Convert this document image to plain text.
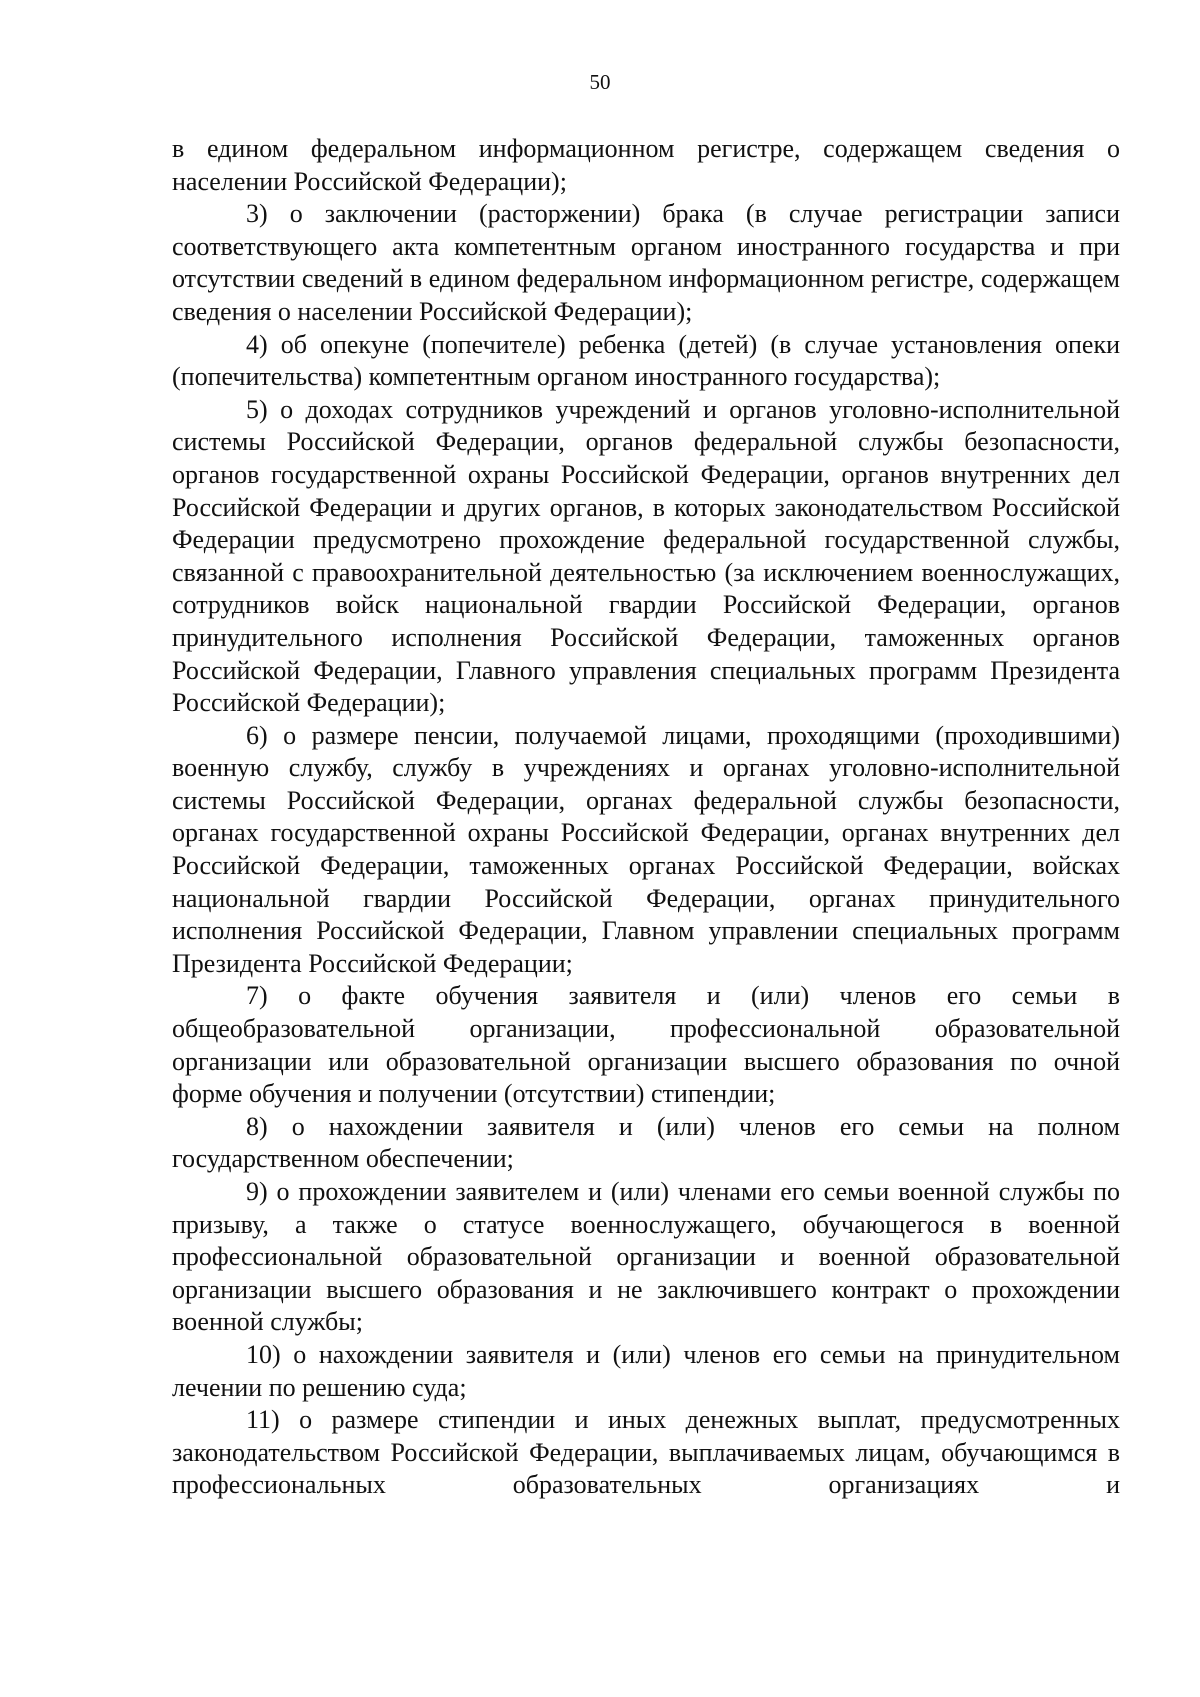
50

в едином федеральном информационном регистре, содержащем сведения о населении Российской Федерации);

3) о заключении (расторжении) брака (в случае регистрации записи соответствующего акта компетентным органом иностранного государства и при отсутствии сведений в едином федеральном информационном регистре, содержащем сведения о населении Российской Федерации);

4) об опекуне (попечителе) ребенка (детей) (в случае установления опеки (попечительства) компетентным органом иностранного государства);

5) о доходах сотрудников учреждений и органов уголовно-исполнительной системы Российской Федерации, органов федеральной службы безопасности, органов государственной охраны Российской Федерации, органов внутренних дел Российской Федерации и других органов, в которых законодательством Российской Федерации предусмотрено прохождение федеральной государственной службы, связанной с правоохранительной деятельностью (за исключением военнослужащих, сотрудников войск национальной гвардии Российской Федерации, органов принудительного исполнения Российской Федерации, таможенных органов Российской Федерации, Главного управления специальных программ Президента Российской Федерации);

6) о размере пенсии, получаемой лицами, проходящими (проходившими) военную службу, службу в учреждениях и органах уголовно-исполнительной системы Российской Федерации, органах федеральной службы безопасности, органах государственной охраны Российской Федерации, органах внутренних дел Российской Федерации, таможенных органах Российской Федерации, войсках национальной гвардии Российской Федерации, органах принудительного исполнения Российской Федерации, Главном управлении специальных программ Президента Российской Федерации;

7) о факте обучения заявителя и (или) членов его семьи в общеобразовательной организации, профессиональной образовательной организации или образовательной организации высшего образования по очной форме обучения и получении (отсутствии) стипендии;

8) о нахождении заявителя и (или) членов его семьи на полном государственном обеспечении;

9) о прохождении заявителем и (или) членами его семьи военной службы по призыву, а также о статусе военнослужащего, обучающегося в военной профессиональной образовательной организации и военной образовательной организации высшего образования и не заключившего контракт о прохождении военной службы;

10) о нахождении заявителя и (или) членов его семьи на принудительном лечении по решению суда;

11) о размере стипендии и иных денежных выплат, предусмотренных законодательством Российской Федерации, выплачиваемых лицам, обучающимся в профессиональных образовательных организациях и
